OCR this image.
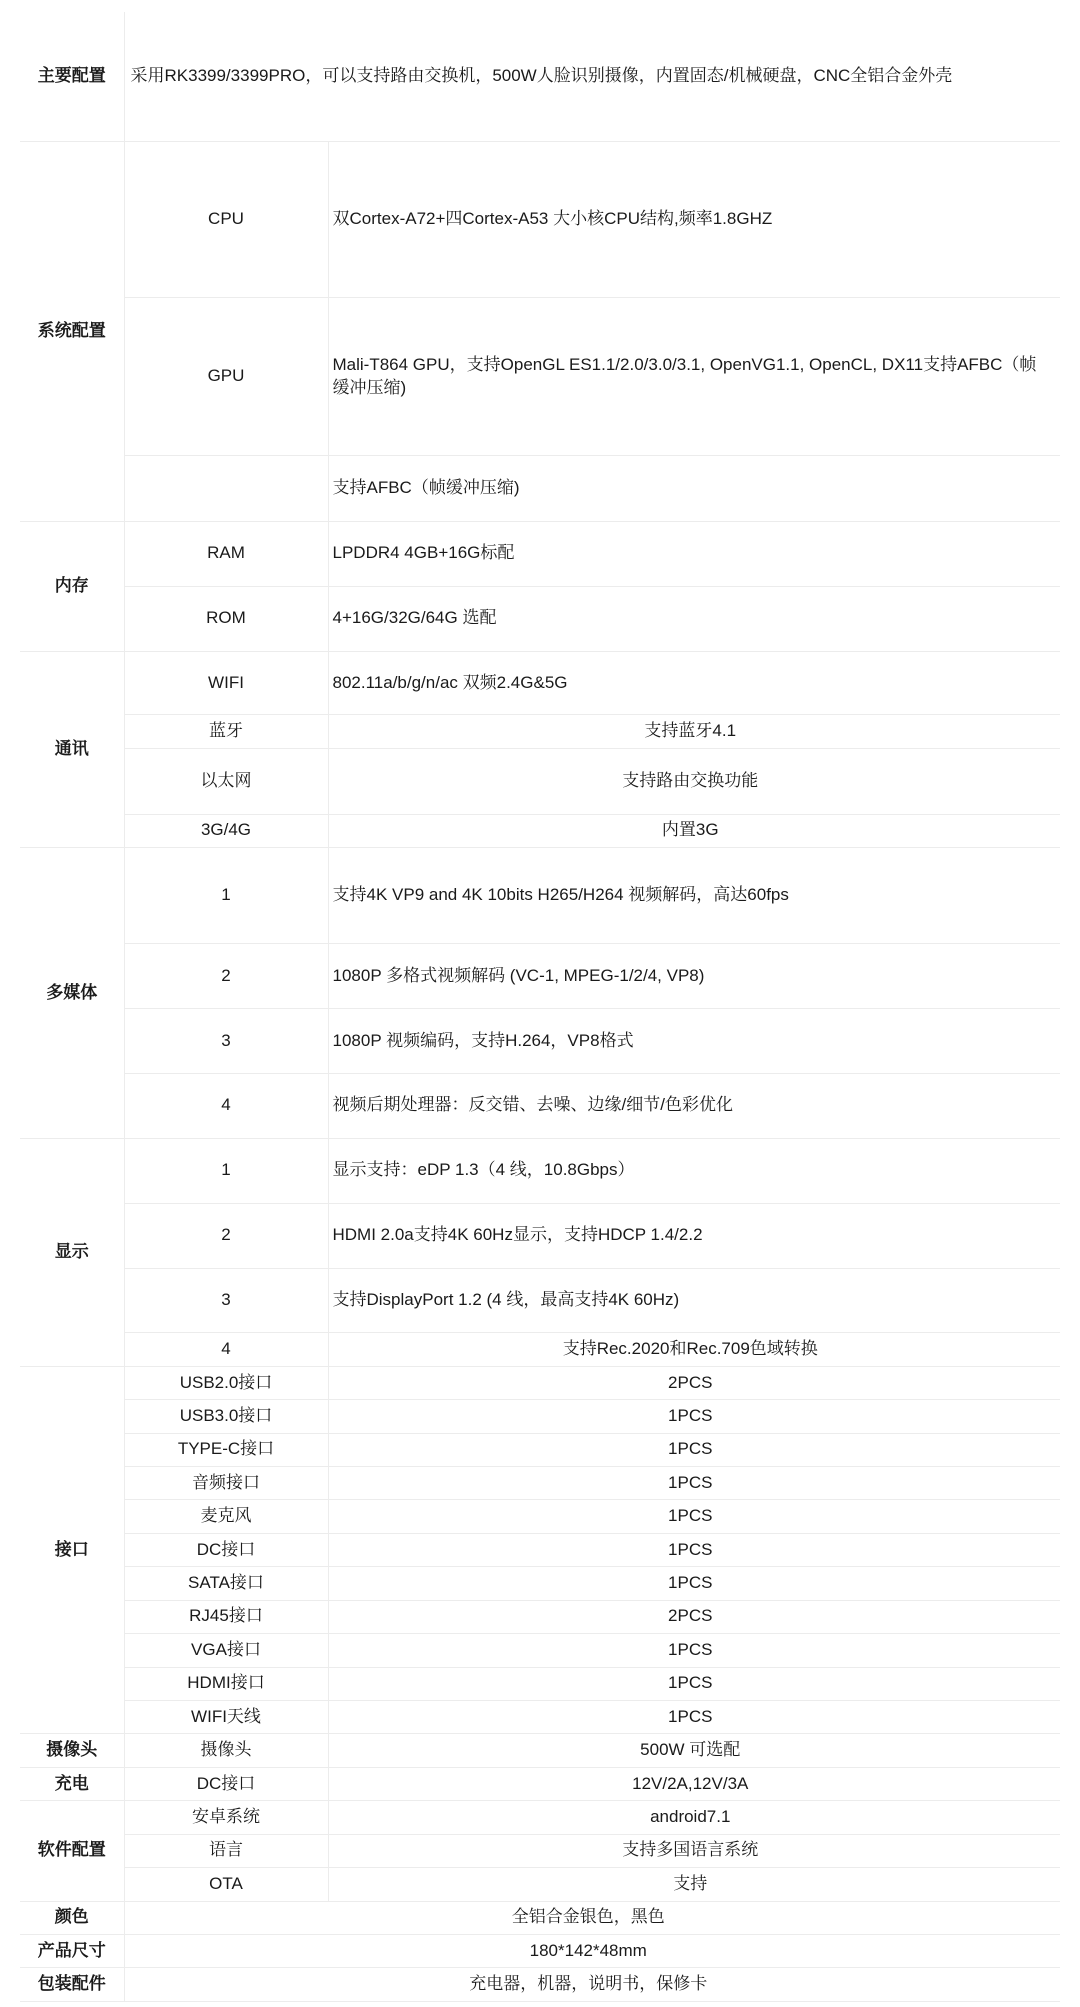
主要配置	采用RK3399/3399PRO，可以支持路由交换机，500W人脸识别摄像，内置固态/机械硬盘，CNC全铝合金外壳	
系统配置	CPU	双Cortex-A72+四Cortex-A53 大小核CPU结构,频率1.8GHZ
	GPU	Mali-T864 GPU，支持OpenGL ES1.1/2.0/3.0/3.1, OpenVG1.1, OpenCL, DX11支持AFBC（帧缓冲压缩)
		支持AFBC（帧缓冲压缩)
内存	RAM	LPDDR4 4GB+16G标配
	ROM	4+16G/32G/64G 选配
通讯	WIFI	802.11a/b/g/n/ac 双频2.4G&5G
	蓝牙	支持蓝牙4.1
	以太网	支持路由交换功能
	3G/4G	内置3G
多媒体	1	支持4K VP9 and 4K 10bits H265/H264 视频解码，高达60fps
	2	1080P 多格式视频解码 (VC-1, MPEG-1/2/4, VP8)
	3	1080P 视频编码，支持H.264，VP8格式
	4	视频后期处理器：反交错、去噪、边缘/细节/色彩优化
显示	1	显示支持：eDP 1.3（4 线，10.8Gbps）
	2	HDMI 2.0a支持4K 60Hz显示，支持HDCP 1.4/2.2
	3	支持DisplayPort 1.2 (4 线，最高支持4K 60Hz)
	4	支持Rec.2020和Rec.709色域转换
接口	USB2.0接口	2PCS
	USB3.0接口	1PCS
	TYPE-C接口	1PCS
	音频接口	1PCS
	麦克风	1PCS
	DC接口	1PCS
	SATA接口	1PCS
	RJ45接口	2PCS
	VGA接口	1PCS
	HDMI接口	1PCS
	WIFI天线	1PCS
摄像头	摄像头	500W 可选配
充电	DC接口	12V/2A,12V/3A
软件配置	安卓系统	android7.1
	语言	支持多国语言系统
	OTA	支持
颜色	全铝合金银色，黑色	
产品尺寸	180*142*48mm	
包装配件	充电器，机器，说明书，保修卡	
